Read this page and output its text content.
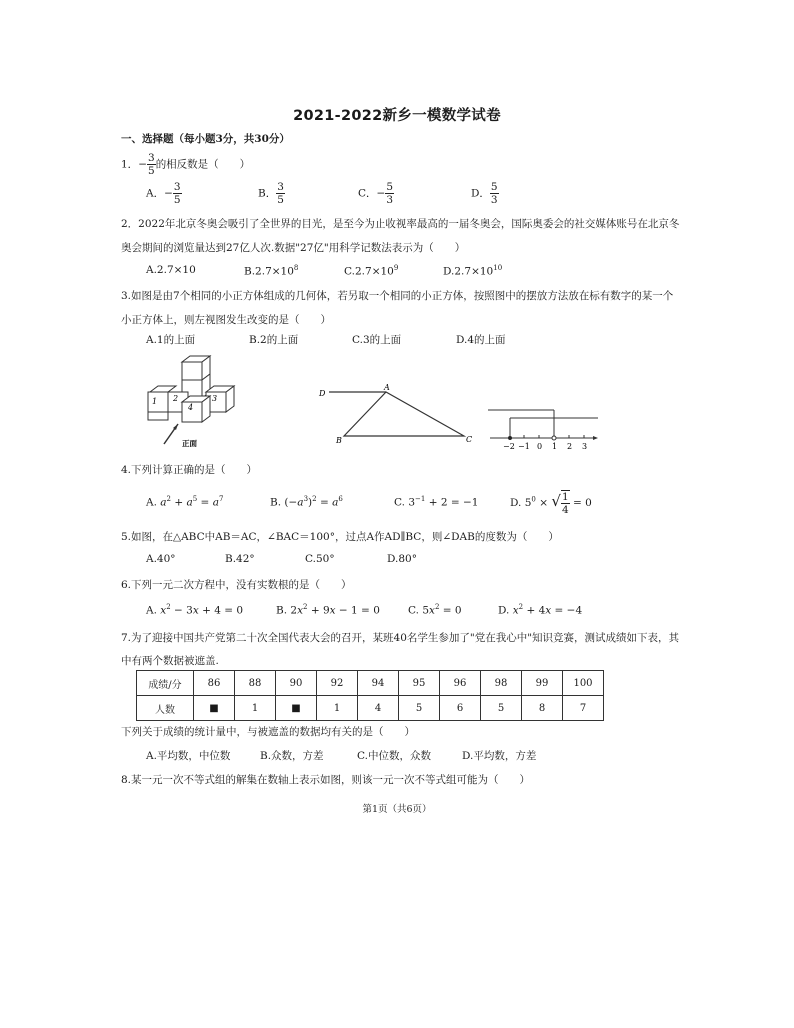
2021-2022新乡一模数学试卷
一、选择题（每小题3分，共30分）
1．− $\frac{3}{5}$ 的相反数是（　　）
A．− $\frac{3}{5}$	B． $\frac{3}{5}$	C．− $\frac{5}{3}$	D． $\frac{5}{3}$
2．2022年北京冬奥会吸引了全世界的目光，是至今为止收视率最高的一届冬奥会，国际奥委会的社交媒体账号在北京冬
奥会期间的浏览量达到27亿人次.数据"27亿"用科学记数法表示为（　　）
A.2.7×10	$B.2.7\times 10^8$	$C.2.7\times 10^9$	$D.2.7\times 10^{10}$
3.如图是由7个相同的小正方体组成的几何体，若另取一个相同的小正方体，按照图中的摆放方法放在标有数字的某一个
小正方体上，则左视图发生改变的是（　　）
A.1的上面	B.2的上面	C.3的上面	D.4的上面
1 2	3
4
正面
D
A
B	C
−2 −1 0 1 2 3
4.下列计算正确的是（　　）
A. $a^2 + a^5 = a^7$	B. $(-a^3)^2 = a^6$	C. $3^{-1} + 2 = -1$	D. $5^0$ × √ $\frac{1}{4} = 0$
5.如图，在△ABC中AB＝AC，∠BAC＝100°，过点A作AD∥BC，则∠DAB的度数为（　　）
A.40°	B.42°	C.50°	D.80°
6.下列一元二次方程中，没有实数根的是（　　）
A. $x^2 - 3x + 4 = 0$	B. $2x^2 + 9x - 1 = 0$	C. $5x^2 = 0$	D. $x^2 + 4x = -4$
7.为了迎接中国共产党第二十次全国代表大会的召开，某班40名学生参加了"党在我心中"知识竞赛，测试成绩如下表，其
中有两个数据被遮盖.
成绩/分	86	88	90	92	94	95	96	98	99	100
人数	■	1	■	1	4	5	6	5	8	7
下列关于成绩的统计量中，与被遮盖的数据均有关的是（　　）
A.平均数，中位数	B.众数，方差	C.中位数，众数	D.平均数，方差
8.某一元一次不等式组的解集在数轴上表示如图，则该一元一次不等式组可能为（　　）
第1页（共6页）
